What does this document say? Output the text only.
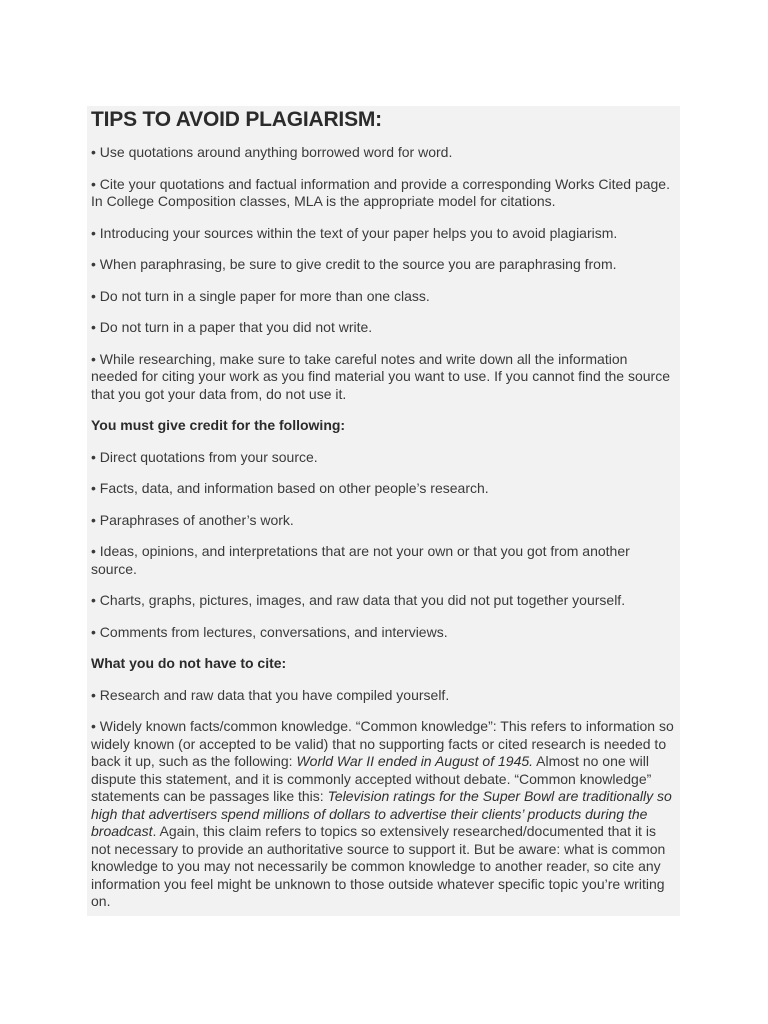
TIPS TO AVOID PLAGIARISM:

• Use quotations around anything borrowed word for word.

• Cite your quotations and factual information and provide a corresponding Works Cited page. In College Composition classes, MLA is the appropriate model for citations.

• Introducing your sources within the text of your paper helps you to avoid plagiarism.

• When paraphrasing, be sure to give credit to the source you are paraphrasing from.

• Do not turn in a single paper for more than one class.

• Do not turn in a paper that you did not write.

• While researching, make sure to take careful notes and write down all the information needed for citing your work as you find material you want to use. If you cannot find the source that you got your data from, do not use it.

You must give credit for the following:

• Direct quotations from your source.

• Facts, data, and information based on other people’s research.

• Paraphrases of another’s work.

• Ideas, opinions, and interpretations that are not your own or that you got from another source.

• Charts, graphs, pictures, images, and raw data that you did not put together yourself.

• Comments from lectures, conversations, and interviews.

What you do not have to cite:

• Research and raw data that you have compiled yourself.

• Widely known facts/common knowledge. “Common knowledge”: This refers to information so widely known (or accepted to be valid) that no supporting facts or cited research is needed to back it up, such as the following: World War II ended in August of 1945. Almost no one will dispute this statement, and it is commonly accepted without debate. “Common knowledge” statements can be passages like this: Television ratings for the Super Bowl are traditionally so high that advertisers spend millions of dollars to advertise their clients’ products during the broadcast. Again, this claim refers to topics so extensively researched/documented that it is not necessary to provide an authoritative source to support it. But be aware: what is common knowledge to you may not necessarily be common knowledge to another reader, so cite any information you feel might be unknown to those outside whatever specific topic you’re writing on.
